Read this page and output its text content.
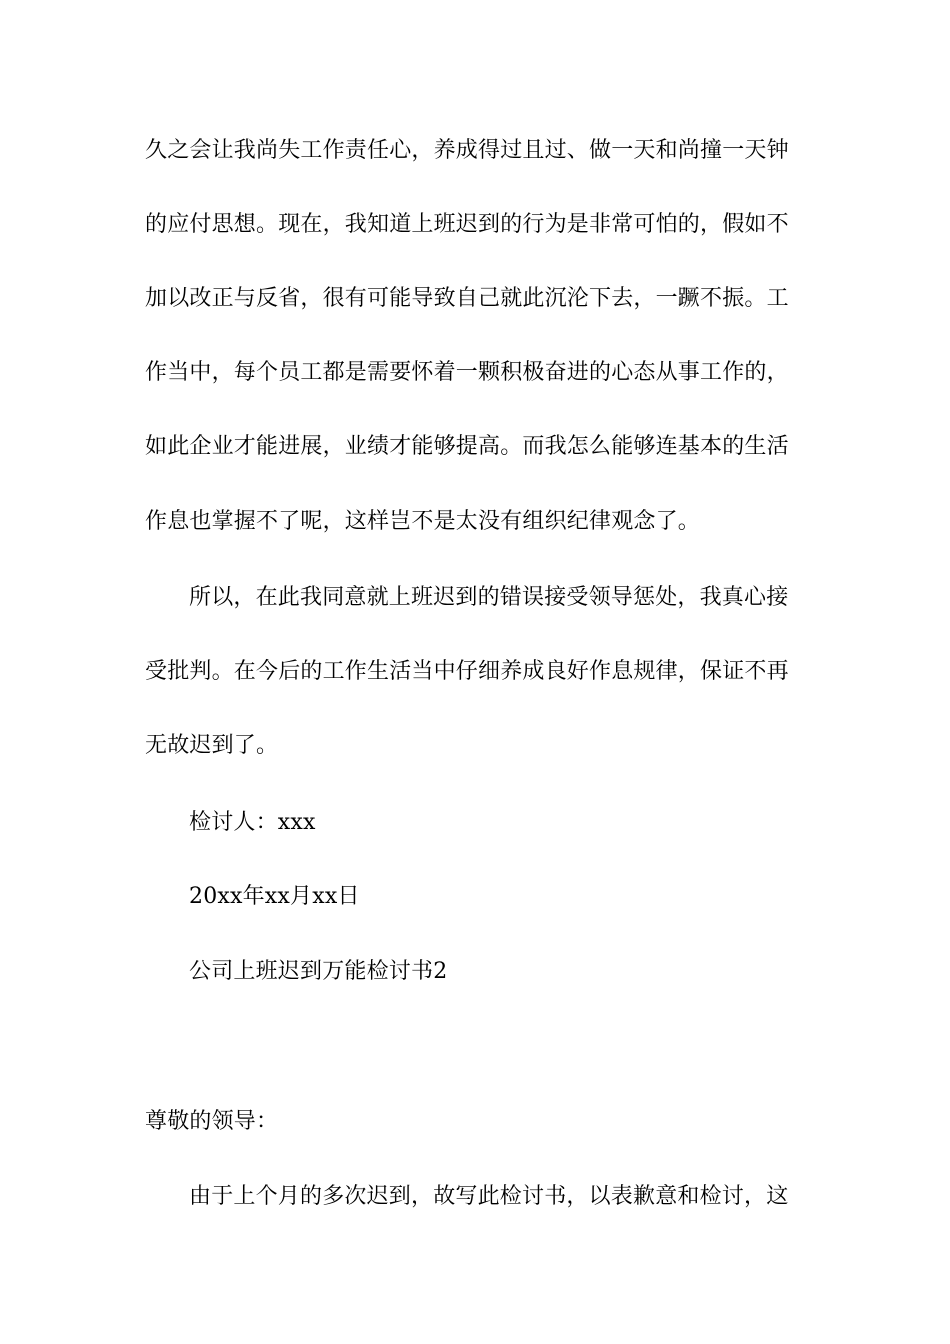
久之会让我尚失工作责任心，养成得过且过、做一天和尚撞一天钟
的应付思想。现在，我知道上班迟到的行为是非常可怕的，假如不
加以改正与反省，很有可能导致自己就此沉沦下去，一蹶不振。工
作当中，每个员工都是需要怀着一颗积极奋进的心态从事工作的，
如此企业才能进展，业绩才能够提高。而我怎么能够连基本的生活
作息也掌握不了呢，这样岂不是太没有组织纪律观念了。
所以，在此我同意就上班迟到的错误接受领导惩处，我真心接
受批判。在今后的工作生活当中仔细养成良好作息规律，保证不再
无故迟到了。
检讨人：xxx
20xx年xx月xx日
公司上班迟到万能检讨书2
尊敬的领导：
由于上个月的多次迟到，故写此检讨书，以表歉意和检讨，这
